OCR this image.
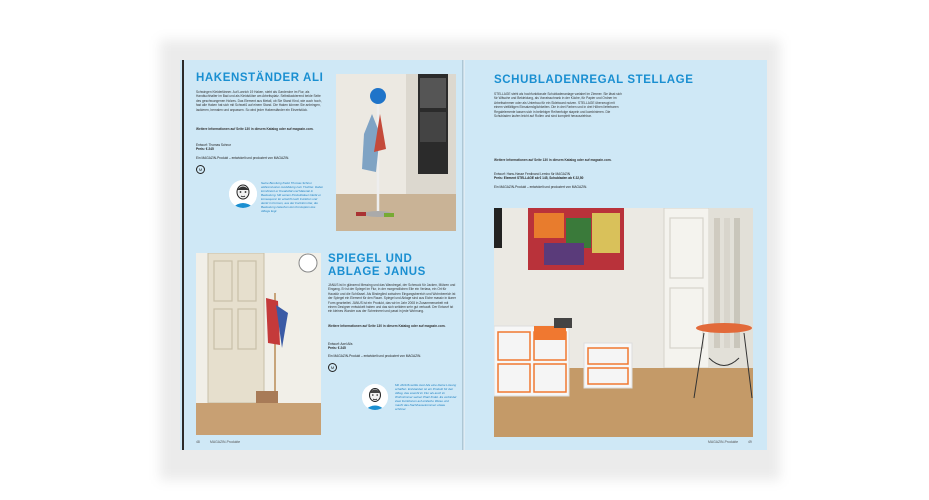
HAKENSTÄNDER ALI
Schwingen Kleiderlänner. Auf Lanrich 19 Haken, steht als Garderobe im Flur, als Handtuchhalter im Bad und als Kleidstütze am Arbeitsplatz. Selbstlackierend beide Seite des geschwungenen Holzes. Das Element aus Metall, ob Sie Stand Kind, wie auch hoch, fast alle Haken hat sich mit Schweiß auf einem Stand. Die Haken können Sie anbringen, lackieren, bemalen und anpassen. So wird jeder Hakenständer ein Einzelstück.
Weitere Informationen auf Seite 130 in diesem Katalog oder auf magazin.com.
Entwurf: Thomas Schnur
Preis: € 245
Ein MAGAZIN-Produkt – entwickelt und produziert von MAGAZIN.
M
Seine Berufung findet Thomas Schnur während einer Ausbildung zum Tischler. Dabei kombiniert er Kreativität und Material in Bedeutung. Mit seinen Produktideen bleibt er konsequent. Er entwirft nach Funktion und denkt in Formen, aus der Funktion klar, die Bedeutung zwischen den Konzepten des Alltags liegt.
SPIEGEL UND ABLAGE JANUS
JANUS ist in glänzend Messing und das Wandregal, der Schmuck für Jacken, Mützen und Eingang. Er ist der Spiegel im Flur, in der morgendlichen Eile ein Verlass, ein Ort für Haustür und die Schlüssel. Als Bindeglied zwischen Eingangsbereich und Wohnbereich ist der Spiegel ein Element für den Raum. Spiegel und Ablage sind aus Eiche massiv in klarer Form gearbeitet. JANUS ist ein Produkt, das wir im Jahr 2008 in Zusammenarbeit mit einem Designer entwickelt haben und das sich seitdem sehr gut verkauft. Der Entwurf ist ein kleines Wunder aus der Schreinerei und passt in jede Wohnung.
Weitere Informationen auf Seite 130 in diesem Katalog oder auf magazin.com.
Entwurf: Axel Ails
Preis: € 245
Ein MAGAZIN-Produkt – entwickelt und produziert von MAGAZIN.
M
Mit JANUS wollte Axel Ails eine kleine Lösung schaffen. Entstanden ist ein Produkt für den Alltag, das sowohl im Flur als auch im Wohnzimmer seinen Platz findet. Es verbindet zwei Funktionen auf einfache Weise und macht das Nachhausekommen etwas schöner.
48	MAGAZIN-Produkte
SCHUBLADENREGAL STELLAGE
STELLAGE steht als hochfunktionale Schubladenanlage variabel im Zimmer. Sie lässt sich für Wäsche und Bekleidung, als Vorratsschrank in der Küche, für Papier und Ordner im Arbeitszimmer oder als Unterbau für ein Sideboard nutzen. STELLAGE überzeugt mit einem vielfältigen Einsatzmöglichkeiten. Die in drei Farben und in drei Höhen lieferbaren Regalelemente lassen sich in beliebiger Reihenfolge stapeln und kombinieren. Die Schubladen laufen leicht auf Rollen und sind komplett herausziehbar.
Weitere Informationen auf Seite 130 in diesem Katalog oder auf magazin.com.
Entwurf: Hans-Hasse Ferdinand Lembo für MAGAZIN
Preis: Element STELLAGE ab € 145, Schubladen ab € 22,50
Ein MAGAZIN-Produkt – entwickelt und produziert von MAGAZIN.
MAGAZIN-Produkte	49
